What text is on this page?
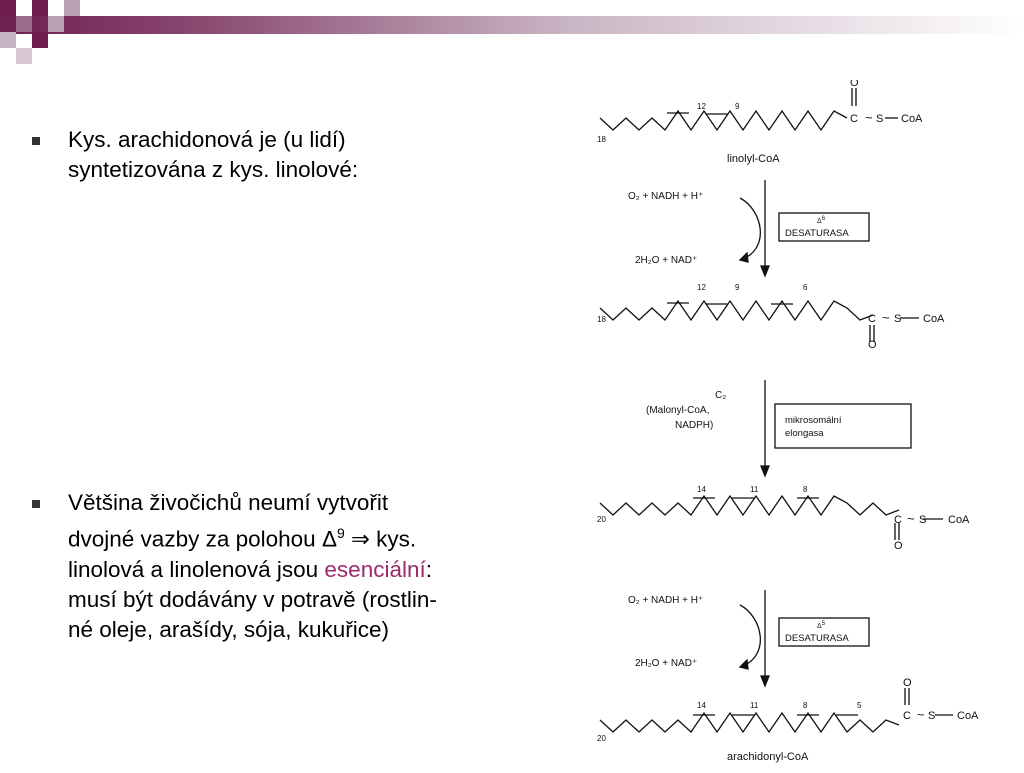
Kys. arachidonová je (u lidí)
syntetizována z kys. linolové:
Většina živočichů neumí vytvořit
dvojné vazby za polohou $\Delta^9$ ⇒ kys.
linolová a linolenová jsou esenciální:
musí být dodávány v potravě (rostlin-
né oleje, arašídy, sója, kukuřice)
18
12	9
O
C ~ S CoA
linolyl-CoA
O₂ + NADH + H⁺
2H₂O + NAD⁺
Δ6
DESATURASA
18
12	9	6
C ~ S CoA
O
C₂
(Malonyl-CoA,
NADPH)	mikrosomální
elongasa
20
14	11	8
C ~ S CoA
O
O₂ + NADH + H⁺
2H₂O + NAD⁺
Δ5
DESATURASA
20
14	11	8	5
O
C ~ S CoA
arachidonyl-CoA
